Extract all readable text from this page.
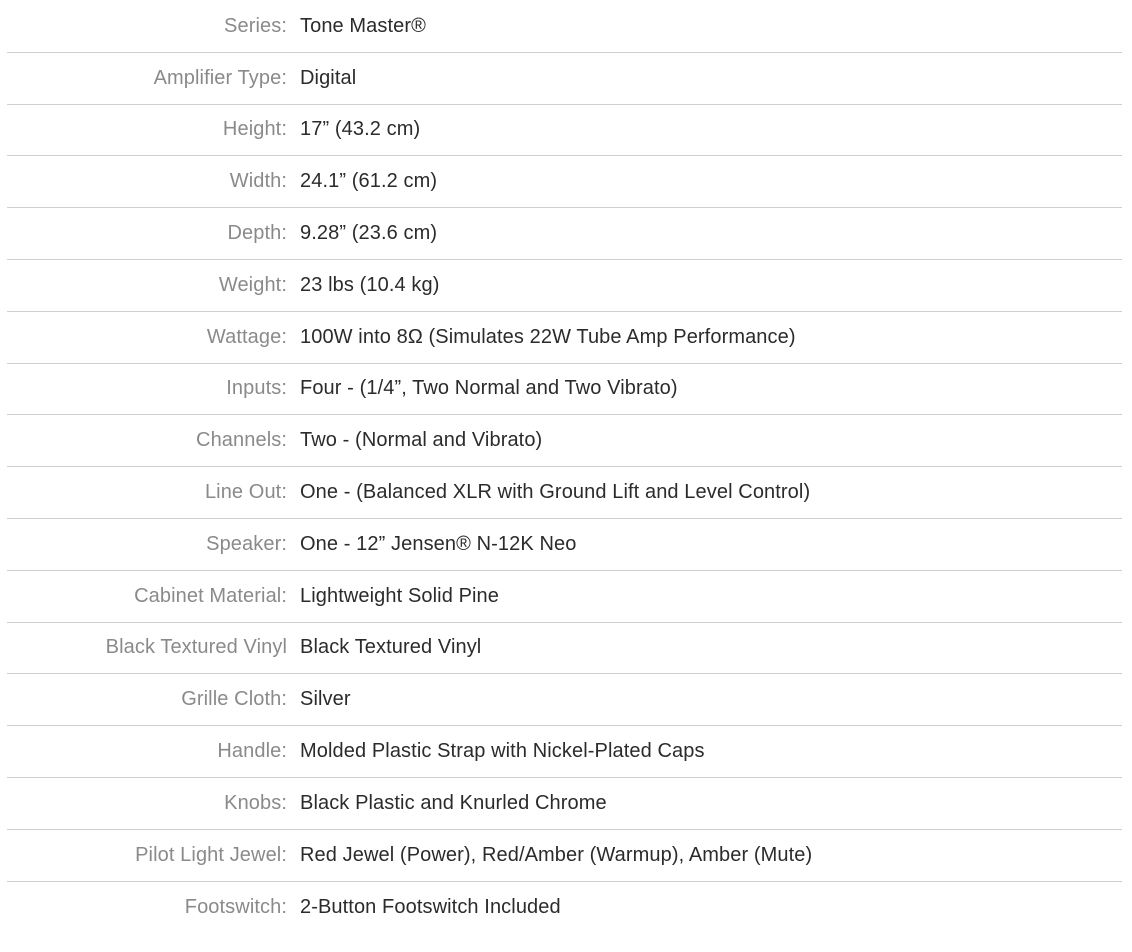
Series: Tone Master®
Amplifier Type: Digital
Height: 17” (43.2 cm)
Width: 24.1” (61.2 cm)
Depth: 9.28” (23.6 cm)
Weight: 23 lbs (10.4 kg)
Wattage: 100W into 8Ω (Simulates 22W Tube Amp Performance)
Inputs: Four - (1/4”, Two Normal and Two Vibrato)
Channels: Two - (Normal and Vibrato)
Line Out: One - (Balanced XLR with Ground Lift and Level Control)
Speaker: One - 12” Jensen® N-12K Neo
Cabinet Material: Lightweight Solid Pine
Black Textured Vinyl Black Textured Vinyl
Grille Cloth: Silver
Handle: Molded Plastic Strap with Nickel-Plated Caps
Knobs: Black Plastic and Knurled Chrome
Pilot Light Jewel: Red Jewel (Power), Red/Amber (Warmup), Amber (Mute)
Footswitch: 2-Button Footswitch Included
